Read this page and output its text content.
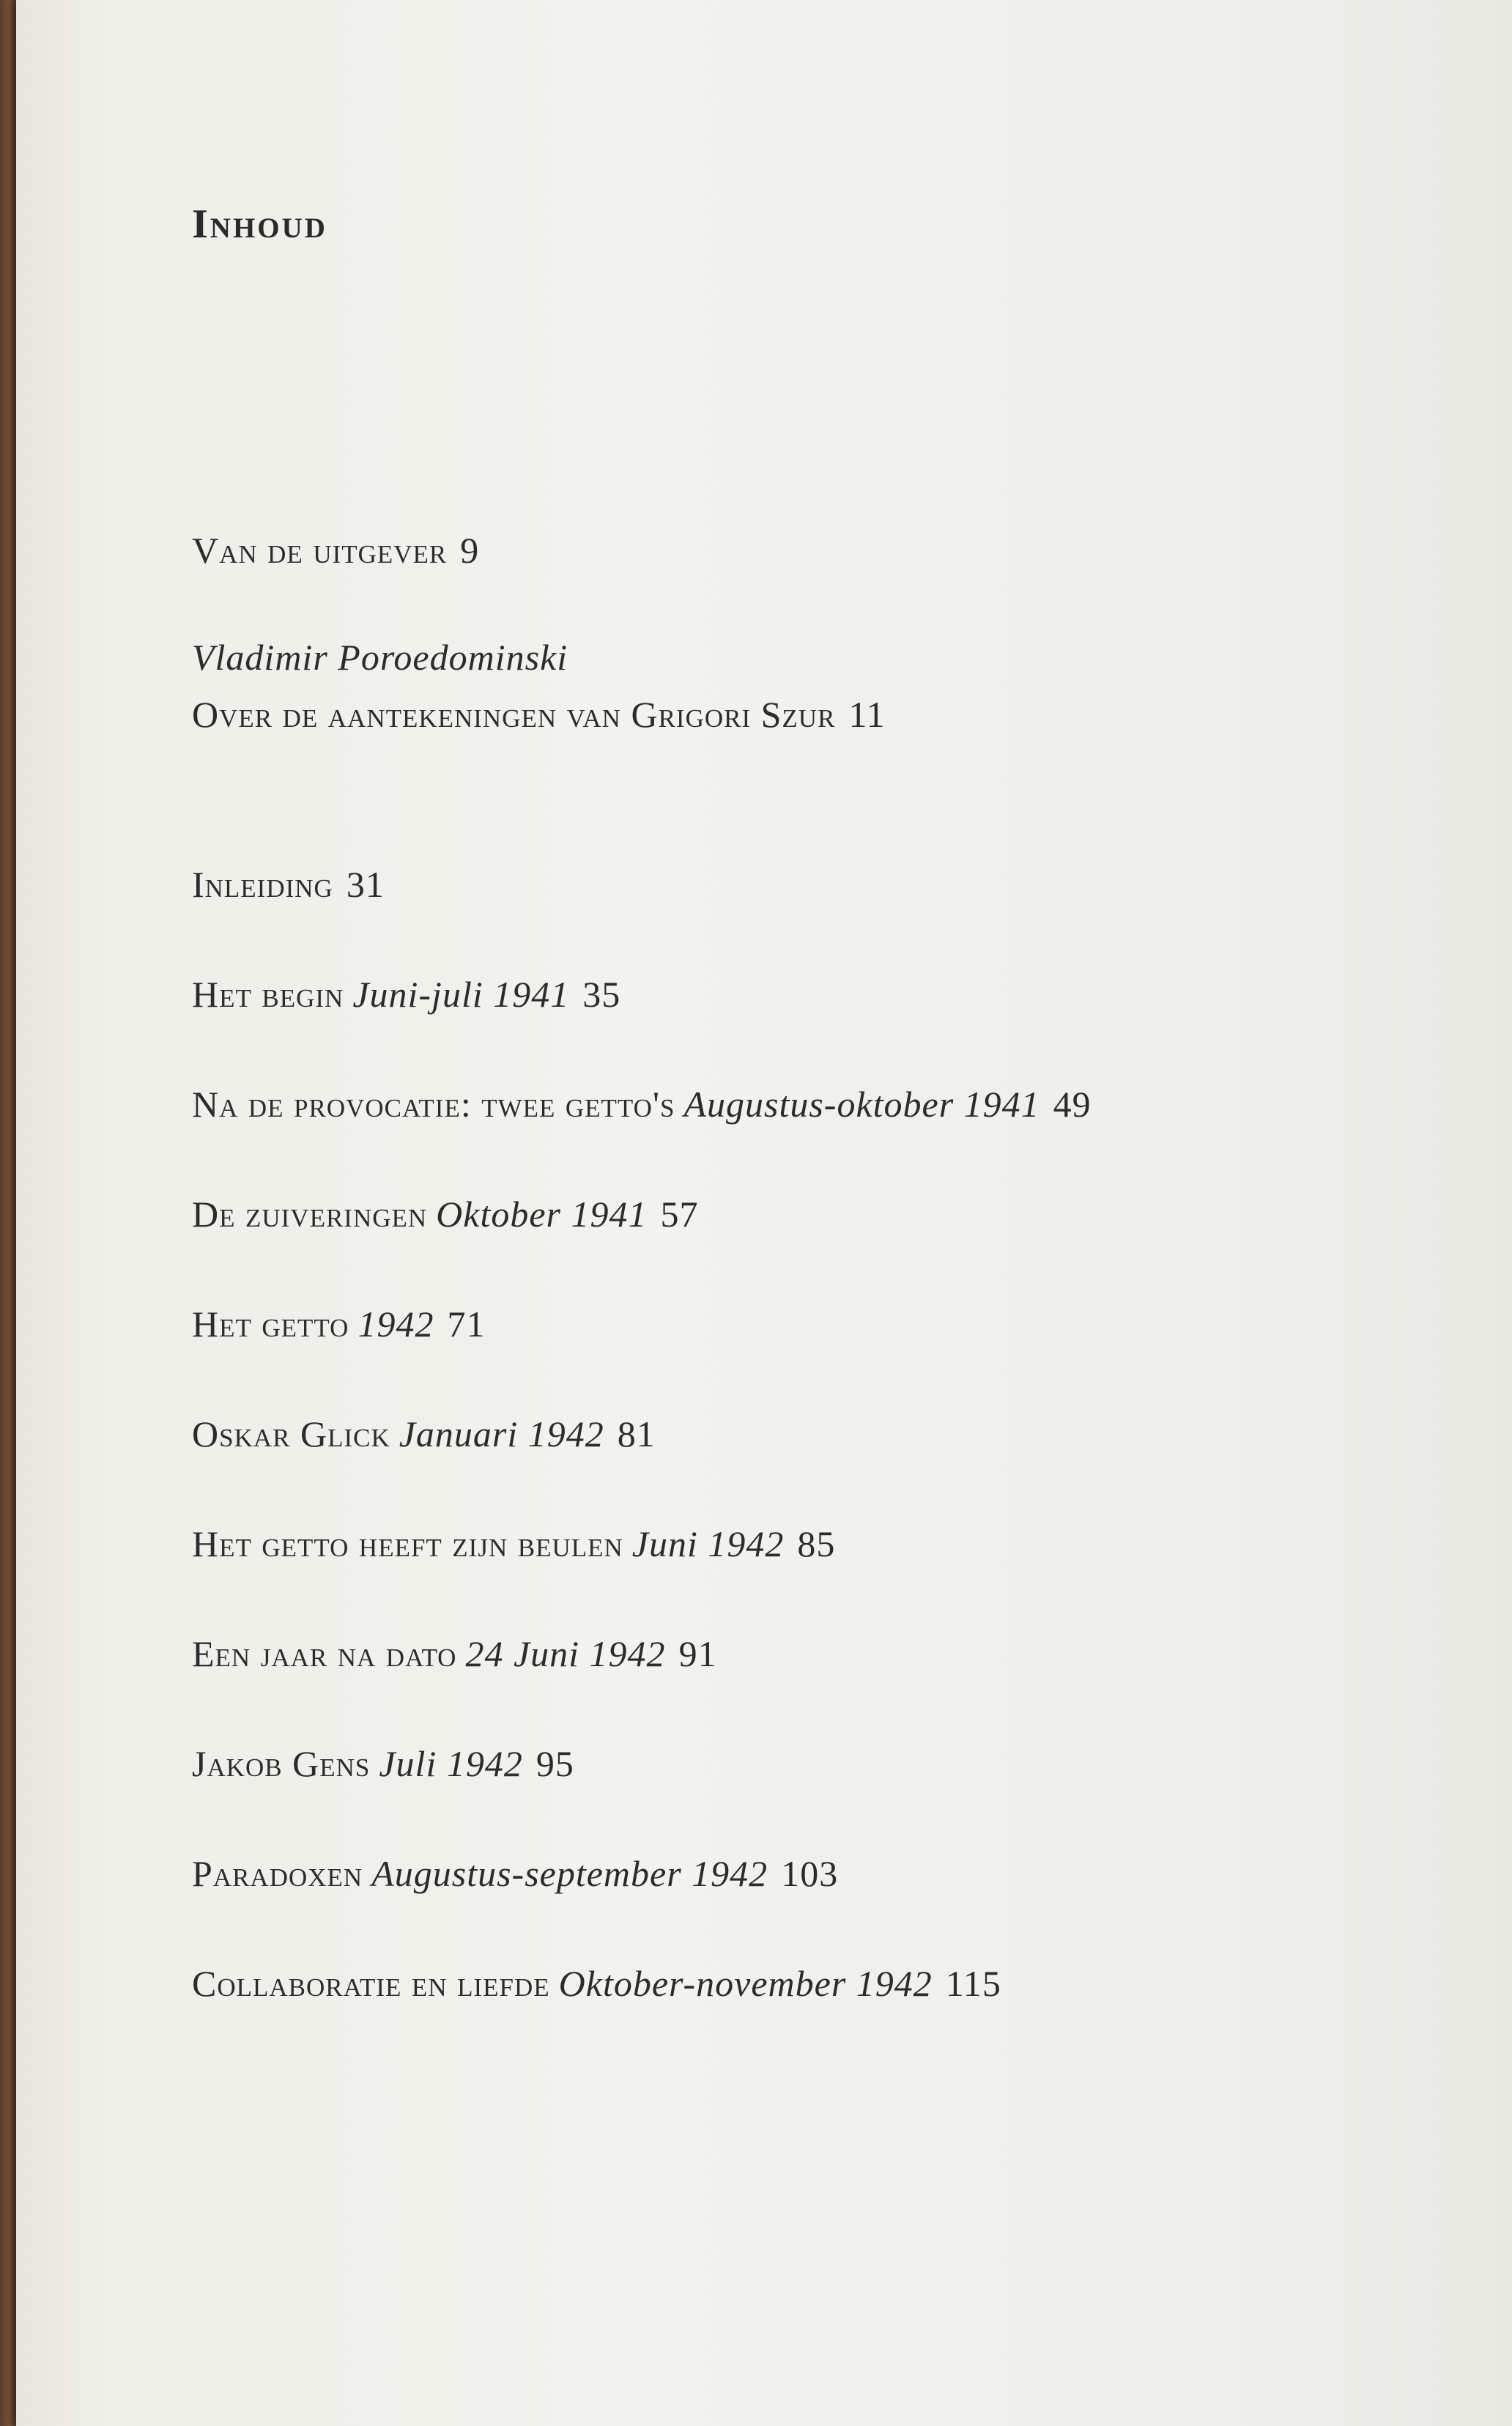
Inhoud
Van de uitgever 9
Vladimir Poroedominski
Over de aantekeningen van Grigori Szur 11
Inleiding 31
Het begin Juni-juli 1941 35
Na de provocatie: twee getto's Augustus-oktober 1941 49
De zuiveringen Oktober 1941 57
Het getto 1942 71
Oskar Glick Januari 1942 81
Het getto heeft zijn beulen Juni 1942 85
Een jaar na dato 24 Juni 1942 91
Jakob Gens Juli 1942 95
Paradoxen Augustus-september 1942 103
Collaboratie en liefde Oktober-november 1942 115
